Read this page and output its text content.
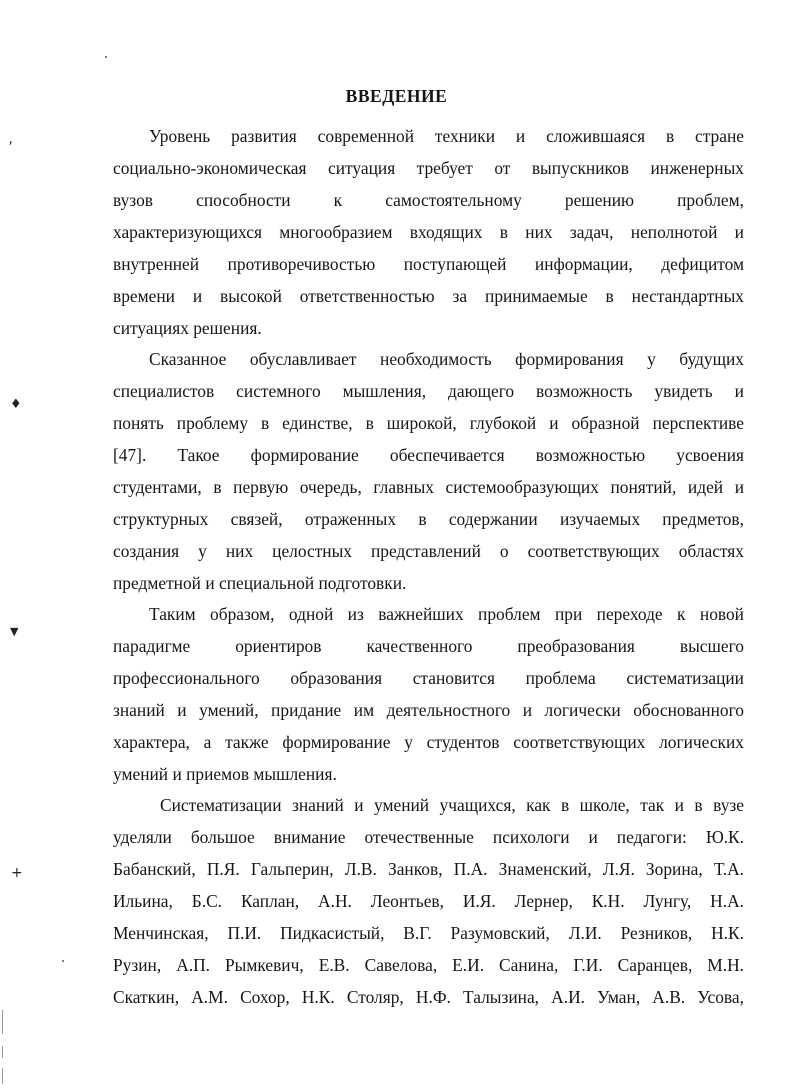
⸴
♦
▼
+
ВВЕДЕНИЕ
Уровень развития современной техники и сложившаяся в стране
социально-экономическая ситуация требует от выпускников инженерных
вузов способности к самостоятельному решению проблем,
характеризующихся многообразием входящих в них задач, неполнотой и
внутренней противоречивостью поступающей информации, дефицитом
времени и высокой ответственностью за принимаемые в нестандартных
ситуациях решения.
Сказанное обуславливает необходимость формирования у будущих
специалистов системного мышления, дающего возможность увидеть и
понять проблему в единстве, в широкой, глубокой и образной перспективе
[47]. Такое формирование обеспечивается возможностью усвоения
студентами, в первую очередь, главных системообразующих понятий, идей и
структурных связей, отраженных в содержании изучаемых предметов,
создания у них целостных представлений о соответствующих областях
предметной и специальной подготовки.
Таким образом, одной из важнейших проблем при переходе к новой
парадигме ориентиров качественного преобразования высшего
профессионального образования становится проблема систематизации
знаний и умений, придание им деятельностного и логически обоснованного
характера, а также формирование у студентов соответствующих логических
умений и приемов мышления.
Систематизации знаний и умений учащихся, как в школе, так и в вузе
уделяли большое внимание отечественные психологи и педагоги: Ю.К.
Бабанский, П.Я. Гальперин, Л.В. Занков, П.А. Знаменский, Л.Я. Зорина, Т.А.
Ильина, Б.С. Каплан, А.Н. Леонтьев, И.Я. Лернер, К.Н. Лунгу, Н.А.
Менчинская, П.И. Пидкасистый, В.Г. Разумовский, Л.И. Резников, Н.К.
Рузин, А.П. Рымкевич, Е.В. Савелова, Е.И. Санина, Г.И. Саранцев, М.Н.
Скаткин, А.М. Сохор, Н.К. Столяр, Н.Ф. Талызина, А.И. Уман, А.В. Усова,
